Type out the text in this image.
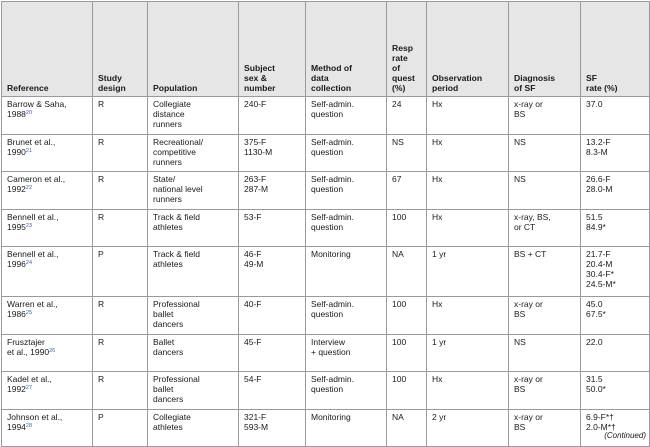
Reference	Study
design	Population	Subject
sex &
number	Method of
data
collection	Resp
rate
of
quest
(%)	Observation
period	Diagnosis
of SF	SF
rate (%)

Barrow & Saha,
1988$^{20}$	R	Collegiate
distance
runners	240-F	Self-admin.
question	24	Hx	x-ray or
BS	37.0

Brunet et al.,
1990$^{21}$	R	Recreational/
competitive
runners	375-F
1130-M	Self-admin.
question	NS	Hx	NS	13.2-F
8.3-M

Cameron et al.,
1992$^{22}$	R	State/
national level
runners	263-F
287-M	Self-admin.
question	67	Hx	NS	26.6-F
28.0-M

Bennell et al.,
1995$^{23}$	R	Track & field
athletes	53-F	Self-admin.
question	100	Hx	x-ray, BS,
or CT	51.5
84.9*

Bennell et al.,
1996$^{24}$	P	Track & field
athletes	46-F
49-M	Monitoring	NA	1 yr	BS + CT	21.7-F
20.4-M
30.4-F*
24.5-M*

Warren et al.,
1986$^{25}$	R	Professional
ballet
dancers	40-F	Self-admin.
question	100	Hx	x-ray or
BS	45.0
67.5*

Frusztajer
et al., 1990$^{26}$	R	Ballet
dancers	45-F	Interview
+ question	100	1 yr	NS	22.0

Kadel et al.,
1992$^{27}$	R	Professional
ballet
dancers	54-F	Self-admin.
question	100	Hx	x-ray or
BS	31.5
50.0*

Johnson et al.,
1994$^{28}$	P	Collegiate
athletes	321-F
593-M	Monitoring	NA	2 yr	x-ray or
BS	6.9-F*†
2.0-M*†
(Continued)
